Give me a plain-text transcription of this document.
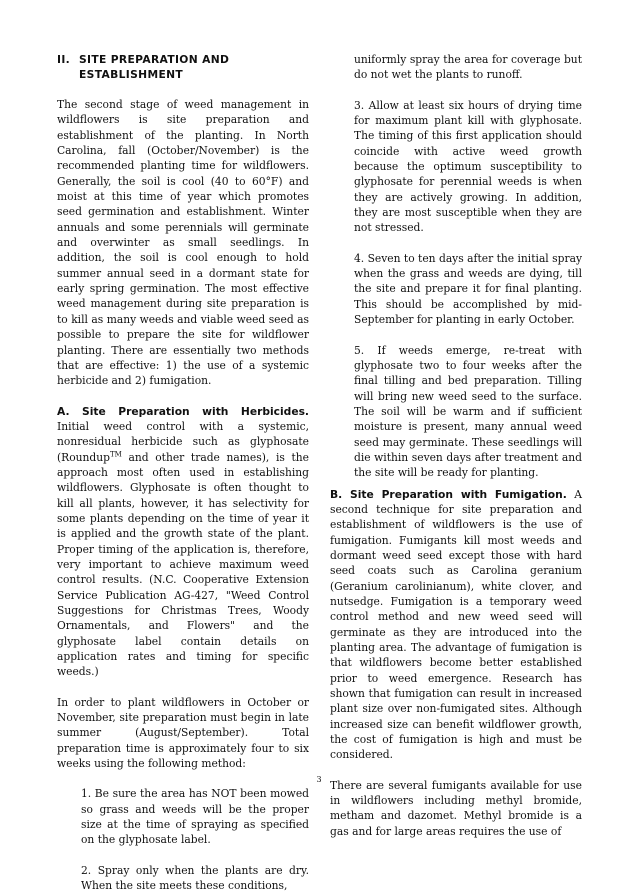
II. SITE PREPARATION AND
ESTABLISHMENT

The second stage of weed management in wildflowers is site preparation and establishment of the planting. In North Carolina, fall (October/November) is the recommended planting time for wildflowers. Generally, the soil is cool (40 to 60°F) and moist at this time of year which promotes seed germination and establishment. Winter annuals and some perennials will germinate and overwinter as small seedlings. In addition, the soil is cool enough to hold summer annual seed in a dormant state for early spring germination. The most effective weed management during site preparation is to kill as many weeds and viable weed seed as possible to prepare the site for wildflower planting. There are essentially two methods that are effective: 1) the use of a systemic herbicide and 2) fumigation.

A. Site Preparation with Herbicides. Initial weed control with a systemic, nonresidual herbicide such as glyphosate (Roundup™ and other trade names), is the approach most often used in establishing wildflowers. Glyphosate is often thought to kill all plants, however, it has selectivity for some plants depending on the time of year it is applied and the growth state of the plant. Proper timing of the application is, therefore, very important to achieve maximum weed control results. (N.C. Cooperative Extension Service Publication AG-427, "Weed Control Suggestions for Christmas Trees, Woody Ornamentals, and Flowers" and the glyphosate label contain details on application rates and timing for specific weeds.)

In order to plant wildflowers in October or November, site preparation must begin in late summer (August/September). Total preparation time is approximately four to six weeks using the following method:

1. Be sure the area has NOT been mowed so grass and weeds will be the proper size at the time of spraying as specified on the glyphosate label.

2. Spray only when the plants are dry. When the site meets these conditions,

uniformly spray the area for coverage but do not wet the plants to runoff.

3. Allow at least six hours of drying time for maximum plant kill with glyphosate. The timing of this first application should coincide with active weed growth because the optimum susceptibility to glyphosate for perennial weeds is when they are actively growing. In addition, they are most susceptible when they are not stressed.

4. Seven to ten days after the initial spray when the grass and weeds are dying, till the site and prepare it for final planting. This should be accomplished by mid-September for planting in early October.

5. If weeds emerge, re-treat with glyphosate two to four weeks after the final tilling and bed preparation. Tilling will bring new weed seed to the surface. The soil will be warm and if sufficient moisture is present, many annual weed seed may germinate. These seedlings will die within seven days after treatment and the site will be ready for planting.

B. Site Preparation with Fumigation. A second technique for site preparation and establishment of wildflowers is the use of fumigation. Fumigants kill most weeds and dormant weed seed except those with hard seed coats such as Carolina geranium (Geranium carolinianum), white clover, and nutsedge. Fumigation is a temporary weed control method and new weed seed will germinate as they are introduced into the planting area. The advantage of fumigation is that wildflowers become better established prior to weed emergence. Research has shown that fumigation can result in increased plant size over non-fumigated sites. Although increased size can benefit wildflower growth, the cost of fumigation is high and must be considered.

There are several fumigants available for use in wildflowers including methyl bromide, metham and dazomet. Methyl bromide is a gas and for large areas requires the use of

3
